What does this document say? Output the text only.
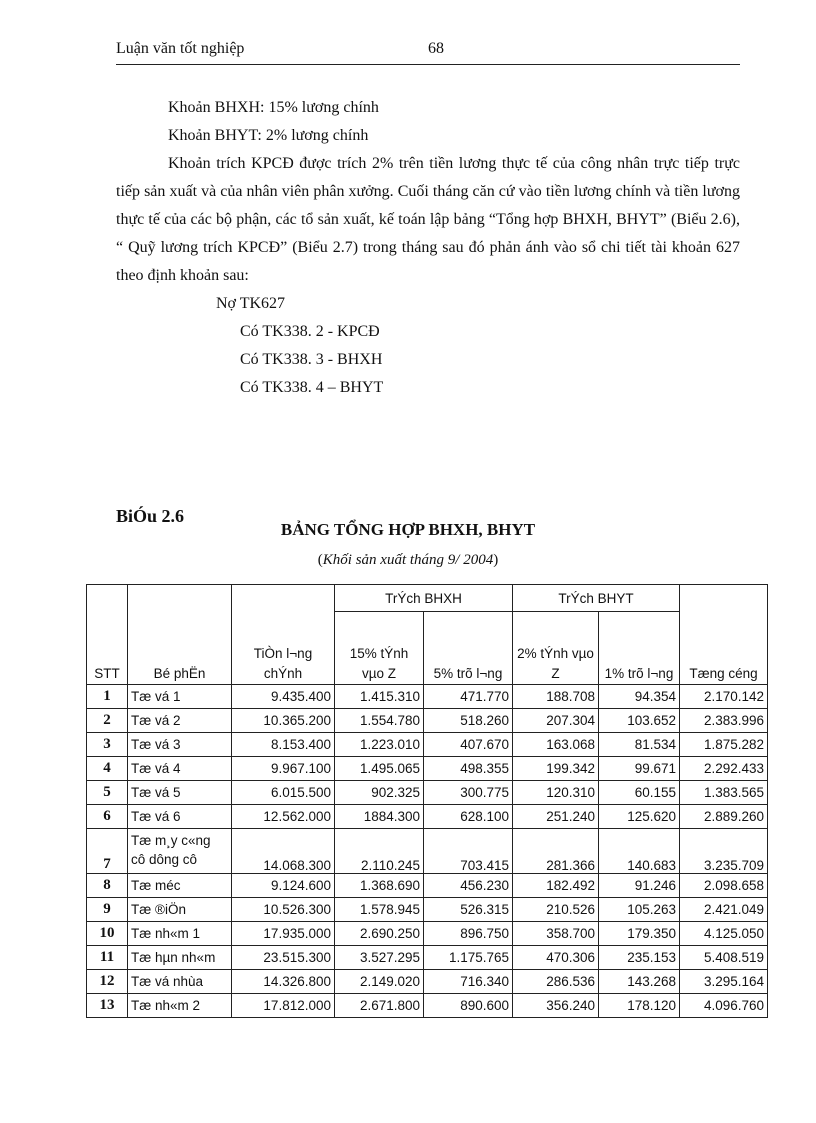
Luận văn tốt nghiệp	68
Khoản BHXH: 15% lương chính
Khoản BHYT: 2% lương chính
Khoản trích KPCĐ được trích 2% trên tiền lương thực tế của công nhân trực tiếp trực tiếp sản xuất và của nhân viên phân xưởng. Cuối tháng căn cứ vào tiền lương chính và tiền lương thực tế của các bộ phận, các tổ sản xuất, kế toán lập bảng “Tổng hợp BHXH, BHYT” (Biểu 2.6), “ Quỹ lương trích KPCĐ” (Biểu 2.7) trong tháng sau đó phản ánh vào sổ chi tiết tài khoản 627 theo định khoản sau:
Nợ TK627
Có TK338. 2 - KPCĐ
Có TK338. 3 - BHXH
Có TK338. 4 – BHYT
BiÓu 2.6
BẢNG TỔNG HỢP BHXH, BHYT
(Khối sản xuất tháng 9/ 2004)
STT	Bé phËn	TiÒn l¬ng chÝnh	TrÝch BHXH		TrÝch BHYT		Tæng céng
			15% tÝnh vµo Z	5% trõ l¬ng	2% tÝnh vµo Z	1% trõ l¬ng	
1	Tæ vá 1	9.435.400	1.415.310	471.770	188.708	94.354	2.170.142
2	Tæ vá 2	10.365.200	1.554.780	518.260	207.304	103.652	2.383.996
3	Tæ vá 3	8.153.400	1.223.010	407.670	163.068	81.534	1.875.282
4	Tæ vá 4	9.967.100	1.495.065	498.355	199.342	99.671	2.292.433
5	Tæ vá 5	6.015.500	902.325	300.775	120.310	60.155	1.383.565
6	Tæ vá 6	12.562.000	1884.300	628.100	251.240	125.620	2.889.260
7	Tæ m¸y c«ng cô dông cô	14.068.300	2.110.245	703.415	281.366	140.683	3.235.709
8	Tæ méc	9.124.600	1.368.690	456.230	182.492	91.246	2.098.658
9	Tæ ®iÖn	10.526.300	1.578.945	526.315	210.526	105.263	2.421.049
10	Tæ nh«m 1	17.935.000	2.690.250	896.750	358.700	179.350	4.125.050
11	Tæ hµn nh«m	23.515.300	3.527.295	1.175.765	470.306	235.153	5.408.519
12	Tæ vá nhùa	14.326.800	2.149.020	716.340	286.536	143.268	3.295.164
13	Tæ nh«m 2	17.812.000	2.671.800	890.600	356.240	178.120	4.096.760
